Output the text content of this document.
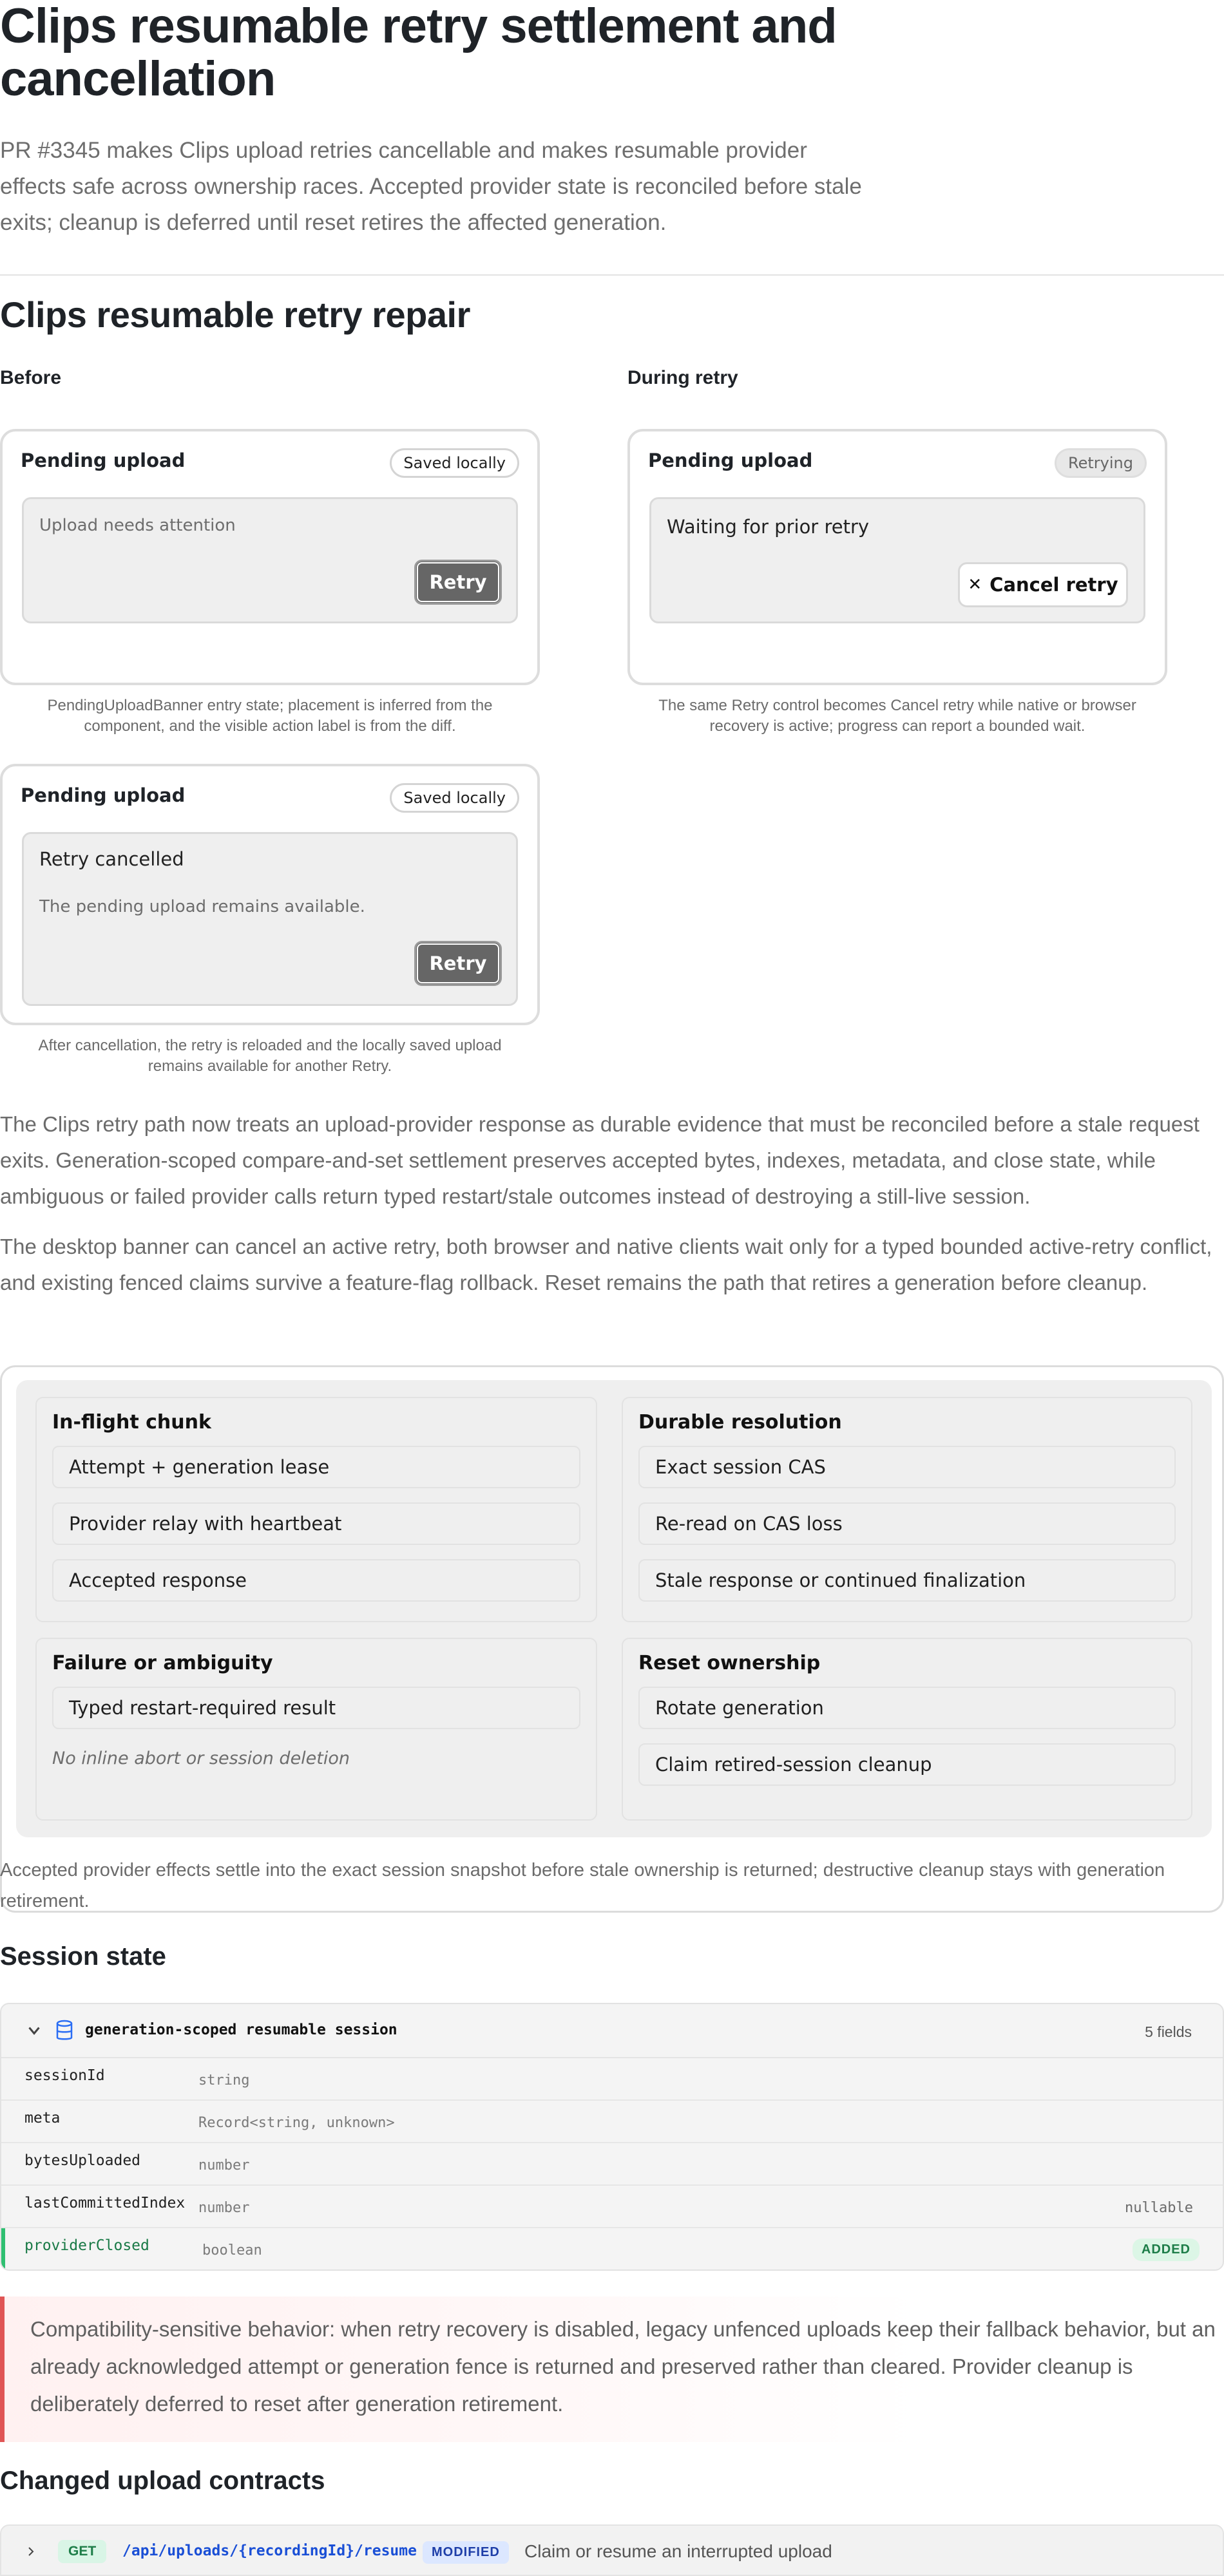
Clips resumable retry settlement and cancellation

PR #3345 makes Clips upload retries cancellable and makes resumable provider effects safe across ownership races. Accepted provider state is reconciled before stale exits; cleanup is deferred until reset retires the affected generation.

Clips resumable retry repair
Before	During retry
Pending upload	Saved locally
Upload needs attention
Retry
PendingUploadBanner entry state; placement is inferred from the component, and the visible action label is from the diff.
Pending upload	Retrying
Waiting for prior retry
✕ Cancel retry
The same Retry control becomes Cancel retry while native or browser recovery is active; progress can report a bounded wait.
Pending upload	Saved locally
Retry cancelled
The pending upload remains available.
Retry
After cancellation, the retry is reloaded and the locally saved upload remains available for another Retry.

The Clips retry path now treats an upload-provider response as durable evidence that must be reconciled before a stale request exits. Generation-scoped compare-and-set settlement preserves accepted bytes, indexes, metadata, and close state, while ambiguous or failed provider calls return typed restart/stale outcomes instead of destroying a still-live session.

The desktop banner can cancel an active retry, both browser and native clients wait only for a typed bounded active-retry conflict, and existing fenced claims survive a feature-flag rollback. Reset remains the path that retires a generation before cleanup.

In-flight chunk
Attempt + generation lease
Provider relay with heartbeat
Accepted response
Durable resolution
Exact session CAS
Re-read on CAS loss
Stale response or continued finalization
Failure or ambiguity
Typed restart-required result
No inline abort or session deletion
Reset ownership
Rotate generation
Claim retired-session cleanup

Accepted provider effects settle into the exact session snapshot before stale ownership is returned; destructive cleanup stays with generation retirement.

Session state
generation-scoped resumable session	5 fields
sessionId	string
meta	Record<string, unknown>
bytesUploaded	number
lastCommittedIndex number	nullable
providerClosed	boolean	ADDED

Compatibility-sensitive behavior: when retry recovery is disabled, legacy unfenced uploads keep their fallback behavior, but an already acknowledged attempt or generation fence is returned and preserved rather than cleared. Provider cleanup is deliberately deferred to reset after generation retirement.

Changed upload contracts
GET	/api/uploads/{recordingId}/resume	MODIFIED	Claim or resume an interrupted upload
